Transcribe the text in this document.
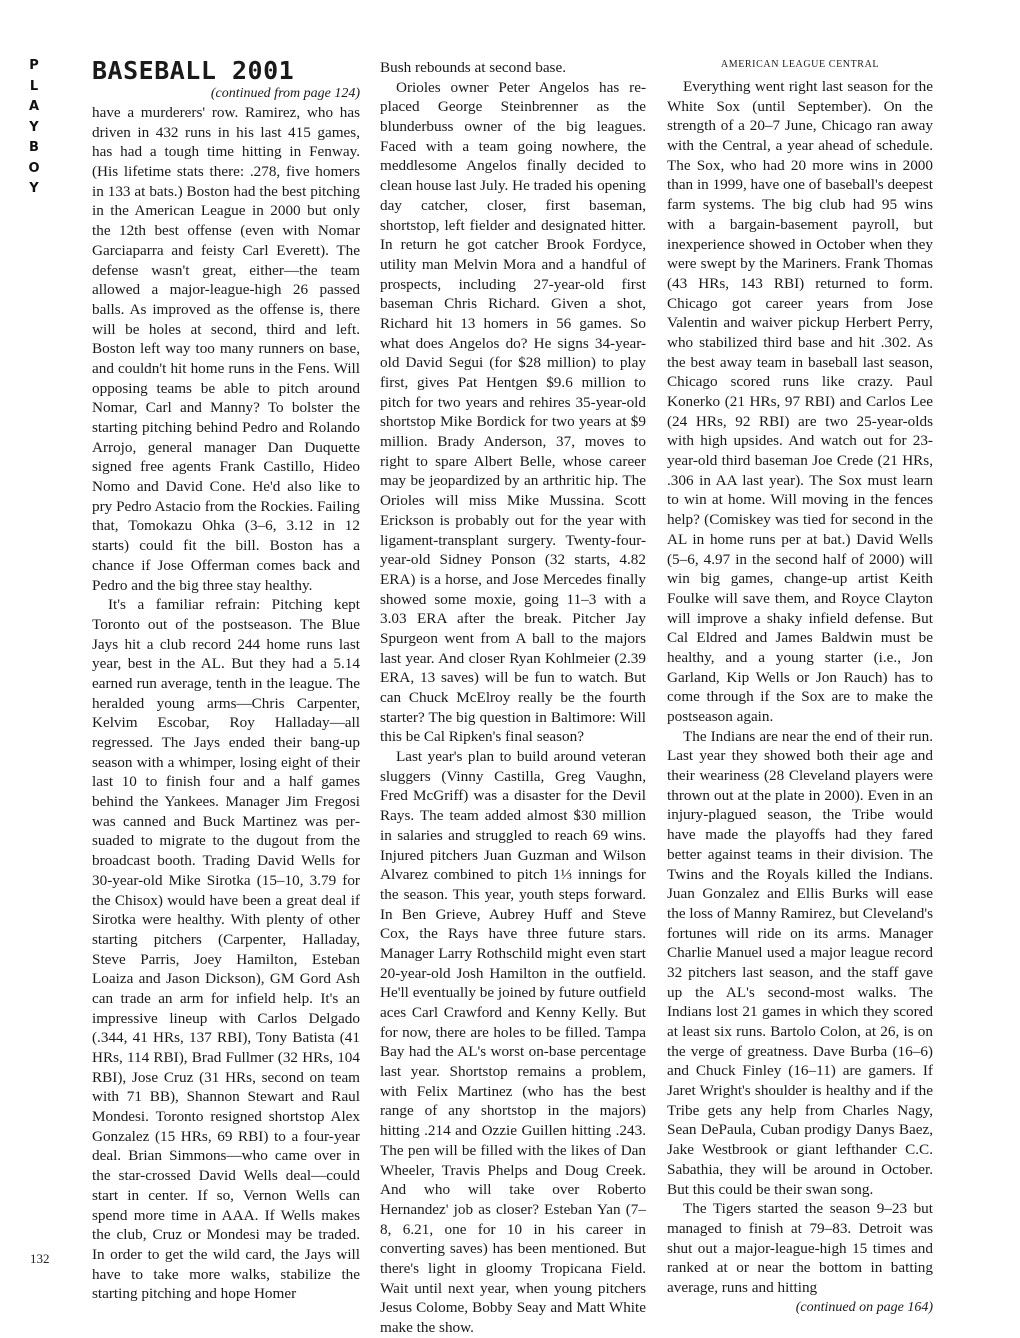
P
L
A
Y
B
O
Y
132
BASEBALL 2001
(continued from page 124)

have a murderers' row. Ramirez, who has driven in 432 runs in his last 415 games, has had a tough time hitting in Fenway. (His lifetime stats there: .278, five homers in 133 at bats.) Boston had the best pitching in the American League in 2000 but only the 12th best offense (even with Nomar Garciaparra and feisty Carl Everett). The defense wasn't great, either—the team allowed a major-league-high 26 passed balls. As improved as the offense is, there will be holes at second, third and left. Boston left way too many runners on base, and couldn't hit home runs in the Fens. Will opposing teams be able to pitch around Nomar, Carl and Manny? To bolster the starting pitching behind Pedro and Rolando Arrojo, general manager Dan Duquette signed free agents Frank Castillo, Hideo Nomo and David Cone. He'd also like to pry Pedro Astacio from the Rockies. Failing that, Tomokazu Ohka (3–6, 3.12 in 12 starts) could fit the bill. Boston has a chance if Jose Offerman comes back and Pedro and the big three stay healthy.

It's a familiar refrain: Pitching kept Toronto out of the postseason. The Blue Jays hit a club record 244 home runs last year, best in the AL. But they had a 5.14 earned run average, tenth in the league. The heralded young arms—Chris Carpenter, Kelvim Escobar, Roy Halladay—all regressed. The Jays ended their bang-up season with a whimper, losing eight of their last 10 to finish four and a half games behind the Yankees. Manager Jim Fregosi was canned and Buck Martinez was persuaded to migrate to the dugout from the broadcast booth. Trading David Wells for 30-year-old Mike Sirotka (15–10, 3.79 for the Chisox) would have been a great deal if Sirotka were healthy. With plenty of other starting pitchers (Carpenter, Halladay, Steve Parris, Joey Hamilton, Esteban Loaiza and Jason Dickson), GM Gord Ash can trade an arm for infield help. It's an impressive lineup with Carlos Delgado (.344, 41 HRs, 137 RBI), Tony Batista (41 HRs, 114 RBI), Brad Fullmer (32 HRs, 104 RBI), Jose Cruz (31 HRs, second on team with 71 BB), Shannon Stewart and Raul Mondesi. Toronto resigned shortstop Alex Gonzalez (15 HRs, 69 RBI) to a four-year deal. Brian Simmons—who came over in the star-crossed David Wells deal—could start in center. If so, Vernon Wells can spend more time in AAA. If Wells makes the club, Cruz or Mondesi may be traded. In order to get the wild card, the Jays will have to take more walks, stabilize the starting pitching and hope Homer

Bush rebounds at second base.

Orioles owner Peter Angelos has replaced George Steinbrenner as the blunderbuss owner of the big leagues. Faced with a team going nowhere, the meddlesome Angelos finally decided to clean house last July. He traded his opening day catcher, closer, first baseman, shortstop, left fielder and designated hitter. In return he got catcher Brook Fordyce, utility man Melvin Mora and a handful of prospects, including 27-year-old first baseman Chris Richard. Given a shot, Richard hit 13 homers in 56 games. So what does Angelos do? He signs 34-year-old David Segui (for $28 million) to play first, gives Pat Hentgen $9.6 million to pitch for two years and rehires 35-year-old shortstop Mike Bordick for two years at $9 million. Brady Anderson, 37, moves to right to spare Albert Belle, whose career may be jeopardized by an arthritic hip. The Orioles will miss Mike Mussina. Scott Erickson is probably out for the year with ligament-transplant surgery. Twenty-four-year-old Sidney Ponson (32 starts, 4.82 ERA) is a horse, and Jose Mercedes finally showed some moxie, going 11–3 with a 3.03 ERA after the break. Pitcher Jay Spurgeon went from A ball to the majors last year. And closer Ryan Kohlmeier (2.39 ERA, 13 saves) will be fun to watch. But can Chuck McElroy really be the fourth starter? The big question in Baltimore: Will this be Cal Ripken's final season?

Last year's plan to build around veteran sluggers (Vinny Castilla, Greg Vaughn, Fred McGriff) was a disaster for the Devil Rays. The team added almost $30 million in salaries and struggled to reach 69 wins. Injured pitchers Juan Guzman and Wilson Alvarez combined to pitch 1⅓ innings for the season. This year, youth steps forward. In Ben Grieve, Aubrey Huff and Steve Cox, the Rays have three future stars. Manager Larry Rothschild might even start 20-year-old Josh Hamilton in the outfield. He'll eventually be joined by future outfield aces Carl Crawford and Kenny Kelly. But for now, there are holes to be filled. Tampa Bay had the AL's worst on-base percentage last year. Shortstop remains a problem, with Felix Martinez (who has the best range of any shortstop in the majors) hitting .214 and Ozzie Guillen hitting .243. The pen will be filled with the likes of Dan Wheeler, Travis Phelps and Doug Creek. And who will take over Roberto Hernandez' job as closer? Esteban Yan (7–8, 6.21, one for 10 in his career in converting saves) has been mentioned. But there's light in gloomy Tropicana Field. Wait until next year, when young pitchers Jesus Colome, Bobby Seay and Matt White make the show.

AMERICAN LEAGUE CENTRAL

Everything went right last season for the White Sox (until September). On the strength of a 20–7 June, Chicago ran away with the Central, a year ahead of schedule. The Sox, who had 20 more wins in 2000 than in 1999, have one of baseball's deepest farm systems. The big club had 95 wins with a bargain-basement payroll, but inexperience showed in October when they were swept by the Mariners. Frank Thomas (43 HRs, 143 RBI) returned to form. Chicago got career years from Jose Valentin and waiver pickup Herbert Perry, who stabilized third base and hit .302. As the best away team in baseball last season, Chicago scored runs like crazy. Paul Konerko (21 HRs, 97 RBI) and Carlos Lee (24 HRs, 92 RBI) are two 25-year-olds with high upsides. And watch out for 23-year-old third baseman Joe Crede (21 HRs, .306 in AA last year). The Sox must learn to win at home. Will moving in the fences help? (Comiskey was tied for second in the AL in home runs per at bat.) David Wells (5–6, 4.97 in the second half of 2000) will win big games, change-up artist Keith Foulke will save them, and Royce Clayton will improve a shaky infield defense. But Cal Eldred and James Baldwin must be healthy, and a young starter (i.e., Jon Garland, Kip Wells or Jon Rauch) has to come through if the Sox are to make the postseason again.

The Indians are near the end of their run. Last year they showed both their age and their weariness (28 Cleveland players were thrown out at the plate in 2000). Even in an injury-plagued season, the Tribe would have made the playoffs had they fared better against teams in their division. The Twins and the Royals killed the Indians. Juan Gonzalez and Ellis Burks will ease the loss of Manny Ramirez, but Cleveland's fortunes will ride on its arms. Manager Charlie Manuel used a major league record 32 pitchers last season, and the staff gave up the AL's second-most walks. The Indians lost 21 games in which they scored at least six runs. Bartolo Colon, at 26, is on the verge of greatness. Dave Burba (16–6) and Chuck Finley (16–11) are gamers. If Jaret Wright's shoulder is healthy and if the Tribe gets any help from Charles Nagy, Sean DePaula, Cuban prodigy Danys Baez, Jake Westbrook or giant lefthander C.C. Sabathia, they will be around in October. But this could be their swan song.

The Tigers started the season 9–23 but managed to finish at 79–83. Detroit was shut out a major-league-high 15 times and ranked at or near the bottom in batting average, runs and hitting

(continued on page 164)
